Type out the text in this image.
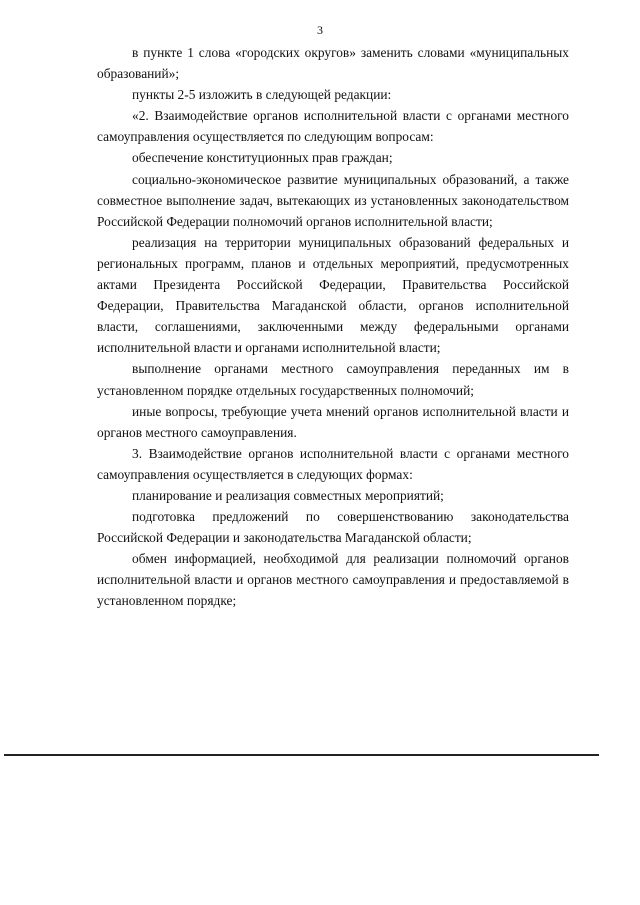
3

в пункте 1 слова «городских округов» заменить словами «муниципальных образований»;

пункты 2-5 изложить в следующей редакции:

«2. Взаимодействие органов исполнительной власти с органами местного самоуправления осуществляется по следующим вопросам:

обеспечение конституционных прав граждан;

социально-экономическое развитие муниципальных образований, а также совместное выполнение задач, вытекающих из установленных законодательством Российской Федерации полномочий органов исполнительной власти;

реализация на территории муниципальных образований федеральных и региональных программ, планов и отдельных мероприятий, предусмотренных актами Президента Российской Федерации, Правительства Российской Федерации, Правительства Магаданской области, органов исполнительной власти, соглашениями, заключенными между федеральными органами исполнительной власти и органами исполнительной власти;

выполнение органами местного самоуправления переданных им в установленном порядке отдельных государственных полномочий;

иные вопросы, требующие учета мнений органов исполнительной власти и органов местного самоуправления.

3. Взаимодействие органов исполнительной власти с органами местного самоуправления осуществляется в следующих формах:

планирование и реализация совместных мероприятий;

подготовка предложений по совершенствованию законодательства Российской Федерации и законодательства Магаданской области;

обмен информацией, необходимой для реализации полномочий органов исполнительной власти и органов местного самоуправления и предоставляемой в установленном порядке;
